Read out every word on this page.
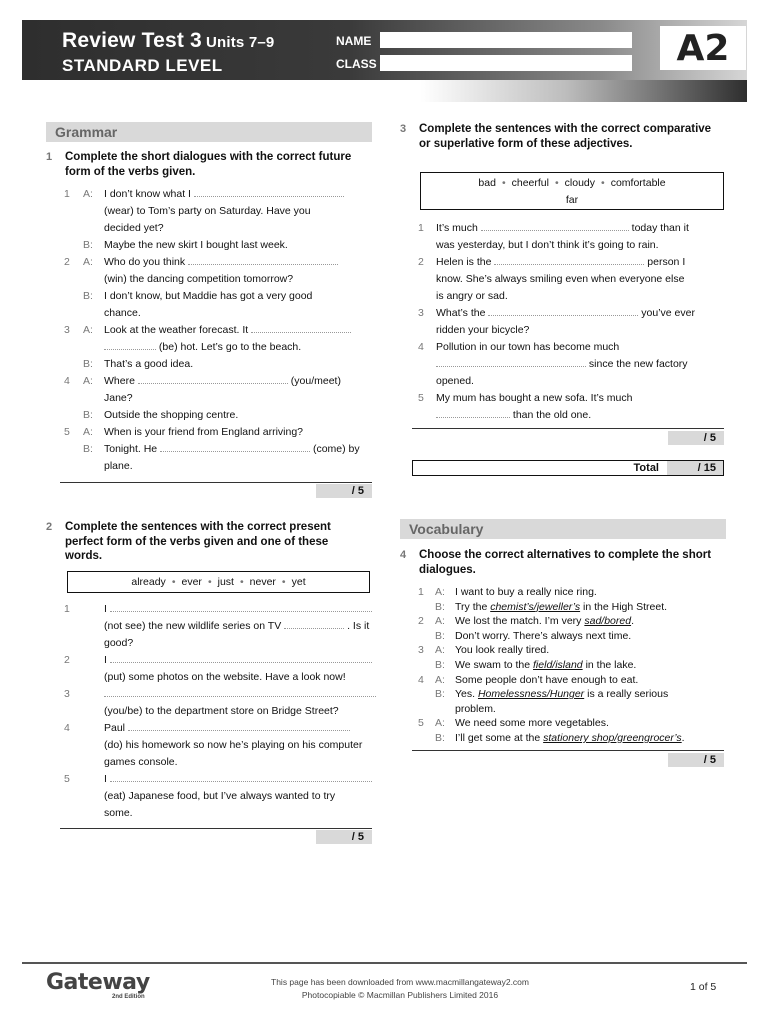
Review Test 3 Units 7–9
STANDARD LEVEL
NAME
CLASS	A2
Grammar
1 Complete the short dialogues with the correct future form of the verbs given.
1 A: I don’t know what I
(wear) to Tom’s party on Saturday. Have you
decided yet?
B: Maybe the new skirt I bought last week.
2 A: Who do you think
(win) the dancing competition tomorrow?
B: I don’t know, but Maddie has got a very good
chance.
3 A: Look at the weather forecast. It
(be) hot. Let’s go to the beach.
B: That’s a good idea.
4 A: Where	(you/meet)
Jane?
B: Outside the shopping centre.
5 A: When is your friend from England arriving?
B: Tonight. He	(come) by
plane.
/ 5
2 Complete the sentences with the correct present perfect form of the verbs given and one of these words.
already • ever • just • never • yet
1	I
(not see) the new wildlife series on TV	. Is it
good?
2	I
(put) some photos on the website. Have a look now!
3
(you/be) to the department store on Bridge Street?
4	Paul
(do) his homework so now he’s playing on his computer
games console.
5	I
(eat) Japanese food, but I’ve always wanted to try
some.
/ 5
3 Complete the sentences with the correct comparative or superlative form of these adjectives.
bad • cheerful • cloudy • comfortable
far
1 It’s much	today than it
was yesterday, but I don’t think it’s going to rain.
2 Helen is the	person I
know. She’s always smiling even when everyone else
is angry or sad.
3 What’s the	you’ve ever
ridden your bicycle?
4 Pollution in our town has become much
since the new factory
opened.
5 My mum has bought a new sofa. It’s much
than the old one.
/ 5
Total	/ 15
Vocabulary
4 Choose the correct alternatives to complete the short dialogues.
1 A: I want to buy a really nice ring.
B: Try the chemist’s/jeweller’s in the High Street.
2 A: We lost the match. I’m very sad/bored.
B: Don’t worry. There’s always next time.
3 A: You look really tired.
B: We swam to the field/island in the lake.
4 A: Some people don’t have enough to eat.
B: Yes. Homelessness/Hunger is a really serious
problem.
5 A: We need some more vegetables.
B: I’ll get some at the stationery shop/greengrocer’s.
/ 5
Gateway
2nd Edition
This page has been downloaded from www.macmillangateway2.com
Photocopiable © Macmillan Publishers Limited 2016
1 of 5
